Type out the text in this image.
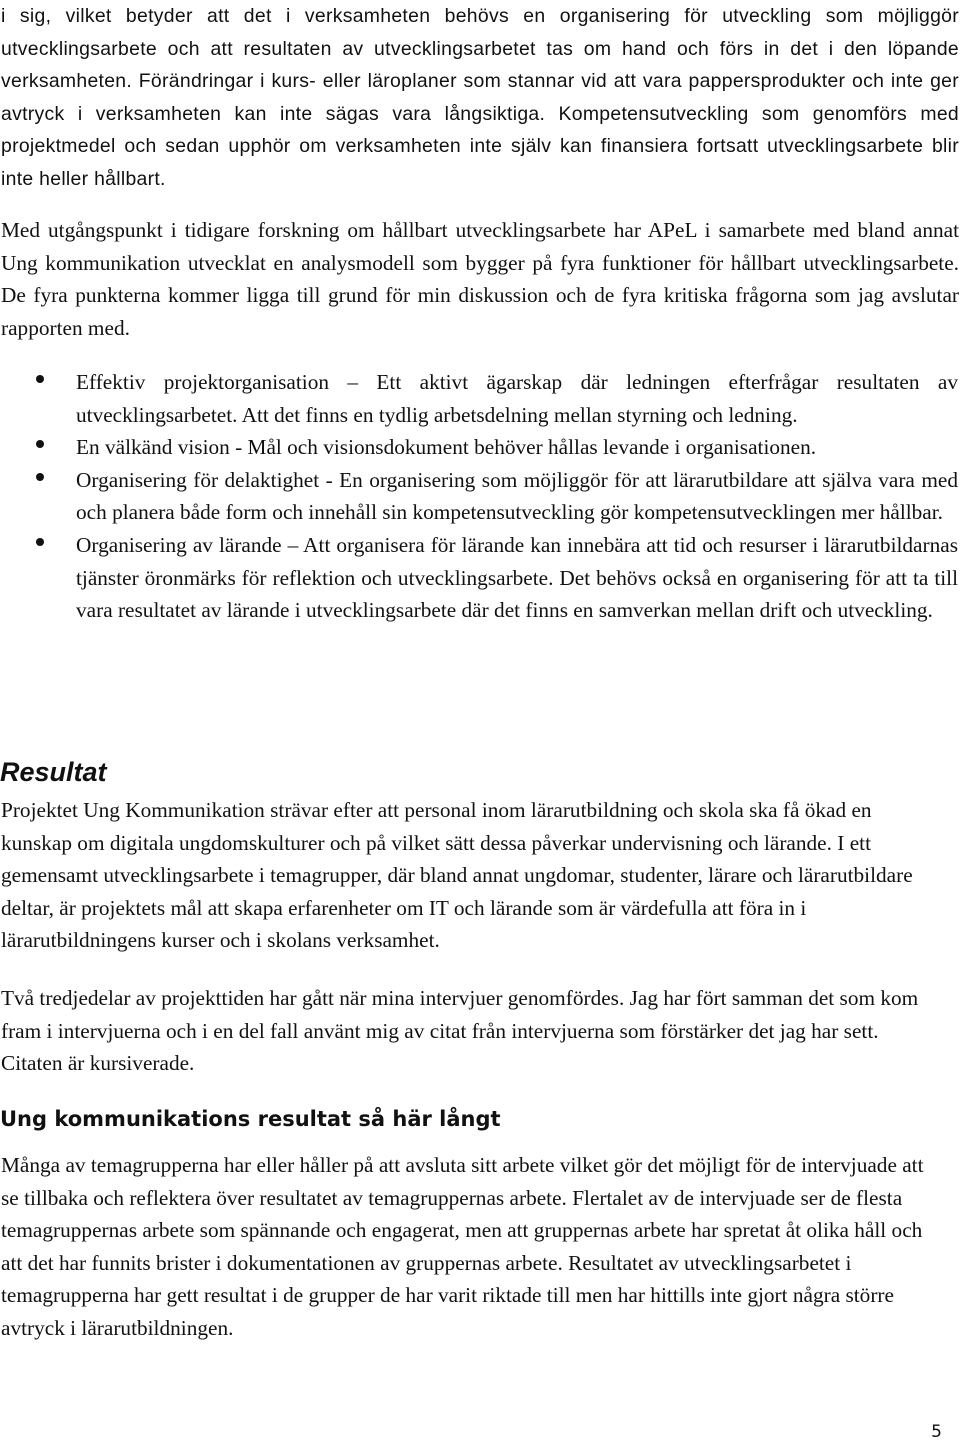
i sig, vilket betyder att det i verksamheten behövs en organisering för utveckling som möjliggör utvecklingsarbete och att resultaten av utvecklingsarbetet tas om hand och förs in det i den löpande verksamheten. Förändringar i kurs- eller läroplaner som stannar vid att vara pappersprodukter och inte ger avtryck i verksamheten kan inte sägas vara långsiktiga. Kompetensutveckling som genomförs med projektmedel och sedan upphör om verksamheten inte själv kan finansiera fortsatt utvecklingsarbete blir inte heller hållbart.

Med utgångspunkt i tidigare forskning om hållbart utvecklingsarbete har APeL i samarbete med bland annat Ung kommunikation utvecklat en analysmodell som bygger på fyra funktioner för hållbart utvecklingsarbete. De fyra punkterna kommer ligga till grund för min diskussion och de fyra kritiska frågorna som jag avslutar rapporten med.

Effektiv projektorganisation – Ett aktivt ägarskap där ledningen efterfrågar resultaten av utvecklingsarbetet. Att det finns en tydlig arbetsdelning mellan styrning och ledning.

En välkänd vision - Mål och visionsdokument behöver hållas levande i organisationen.

Organisering för delaktighet - En organisering som möjliggör för att lärarutbildare att själva vara med och planera både form och innehåll sin kompetensutveckling gör kompetensutvecklingen mer hållbar.

Organisering av lärande – Att organisera för lärande kan innebära att tid och resurser i lärarutbildarnas tjänster öronmärks för reflektion och utvecklingsarbete. Det behövs också en organisering för att ta till vara resultatet av lärande i utvecklingsarbete där det finns en samverkan mellan drift och utveckling.

Resultat

Projektet Ung Kommunikation strävar efter att personal inom lärarutbildning och skola ska få ökad en kunskap om digitala ungdomskulturer och på vilket sätt dessa påverkar undervisning och lärande. I ett gemensamt utvecklingsarbete i temagrupper, där bland annat ungdomar, studenter, lärare och lärarutbildare deltar, är projektets mål att skapa erfarenheter om IT och lärande som är värdefulla att föra in i lärarutbildningens kurser och i skolans verksamhet.

Två tredjedelar av projekttiden har gått när mina intervjuer genomfördes. Jag har fört samman det som kom fram i intervjuerna och i en del fall använt mig av citat från intervjuerna som förstärker det jag har sett. Citaten är kursiverade.

Ung kommunikations resultat så här långt

Många av temagrupperna har eller håller på att avsluta sitt arbete vilket gör det möjligt för de intervjuade att se tillbaka och reflektera över resultatet av temagruppernas arbete. Flertalet av de intervjuade ser de flesta temagruppernas arbete som spännande och engagerat, men att gruppernas arbete har spretat åt olika håll och att det har funnits brister i dokumentationen av gruppernas arbete. Resultatet av utvecklingsarbetet i temagrupperna har gett resultat i de grupper de har varit riktade till men har hittills inte gjort några större avtryck i lärarutbildningen.

5
